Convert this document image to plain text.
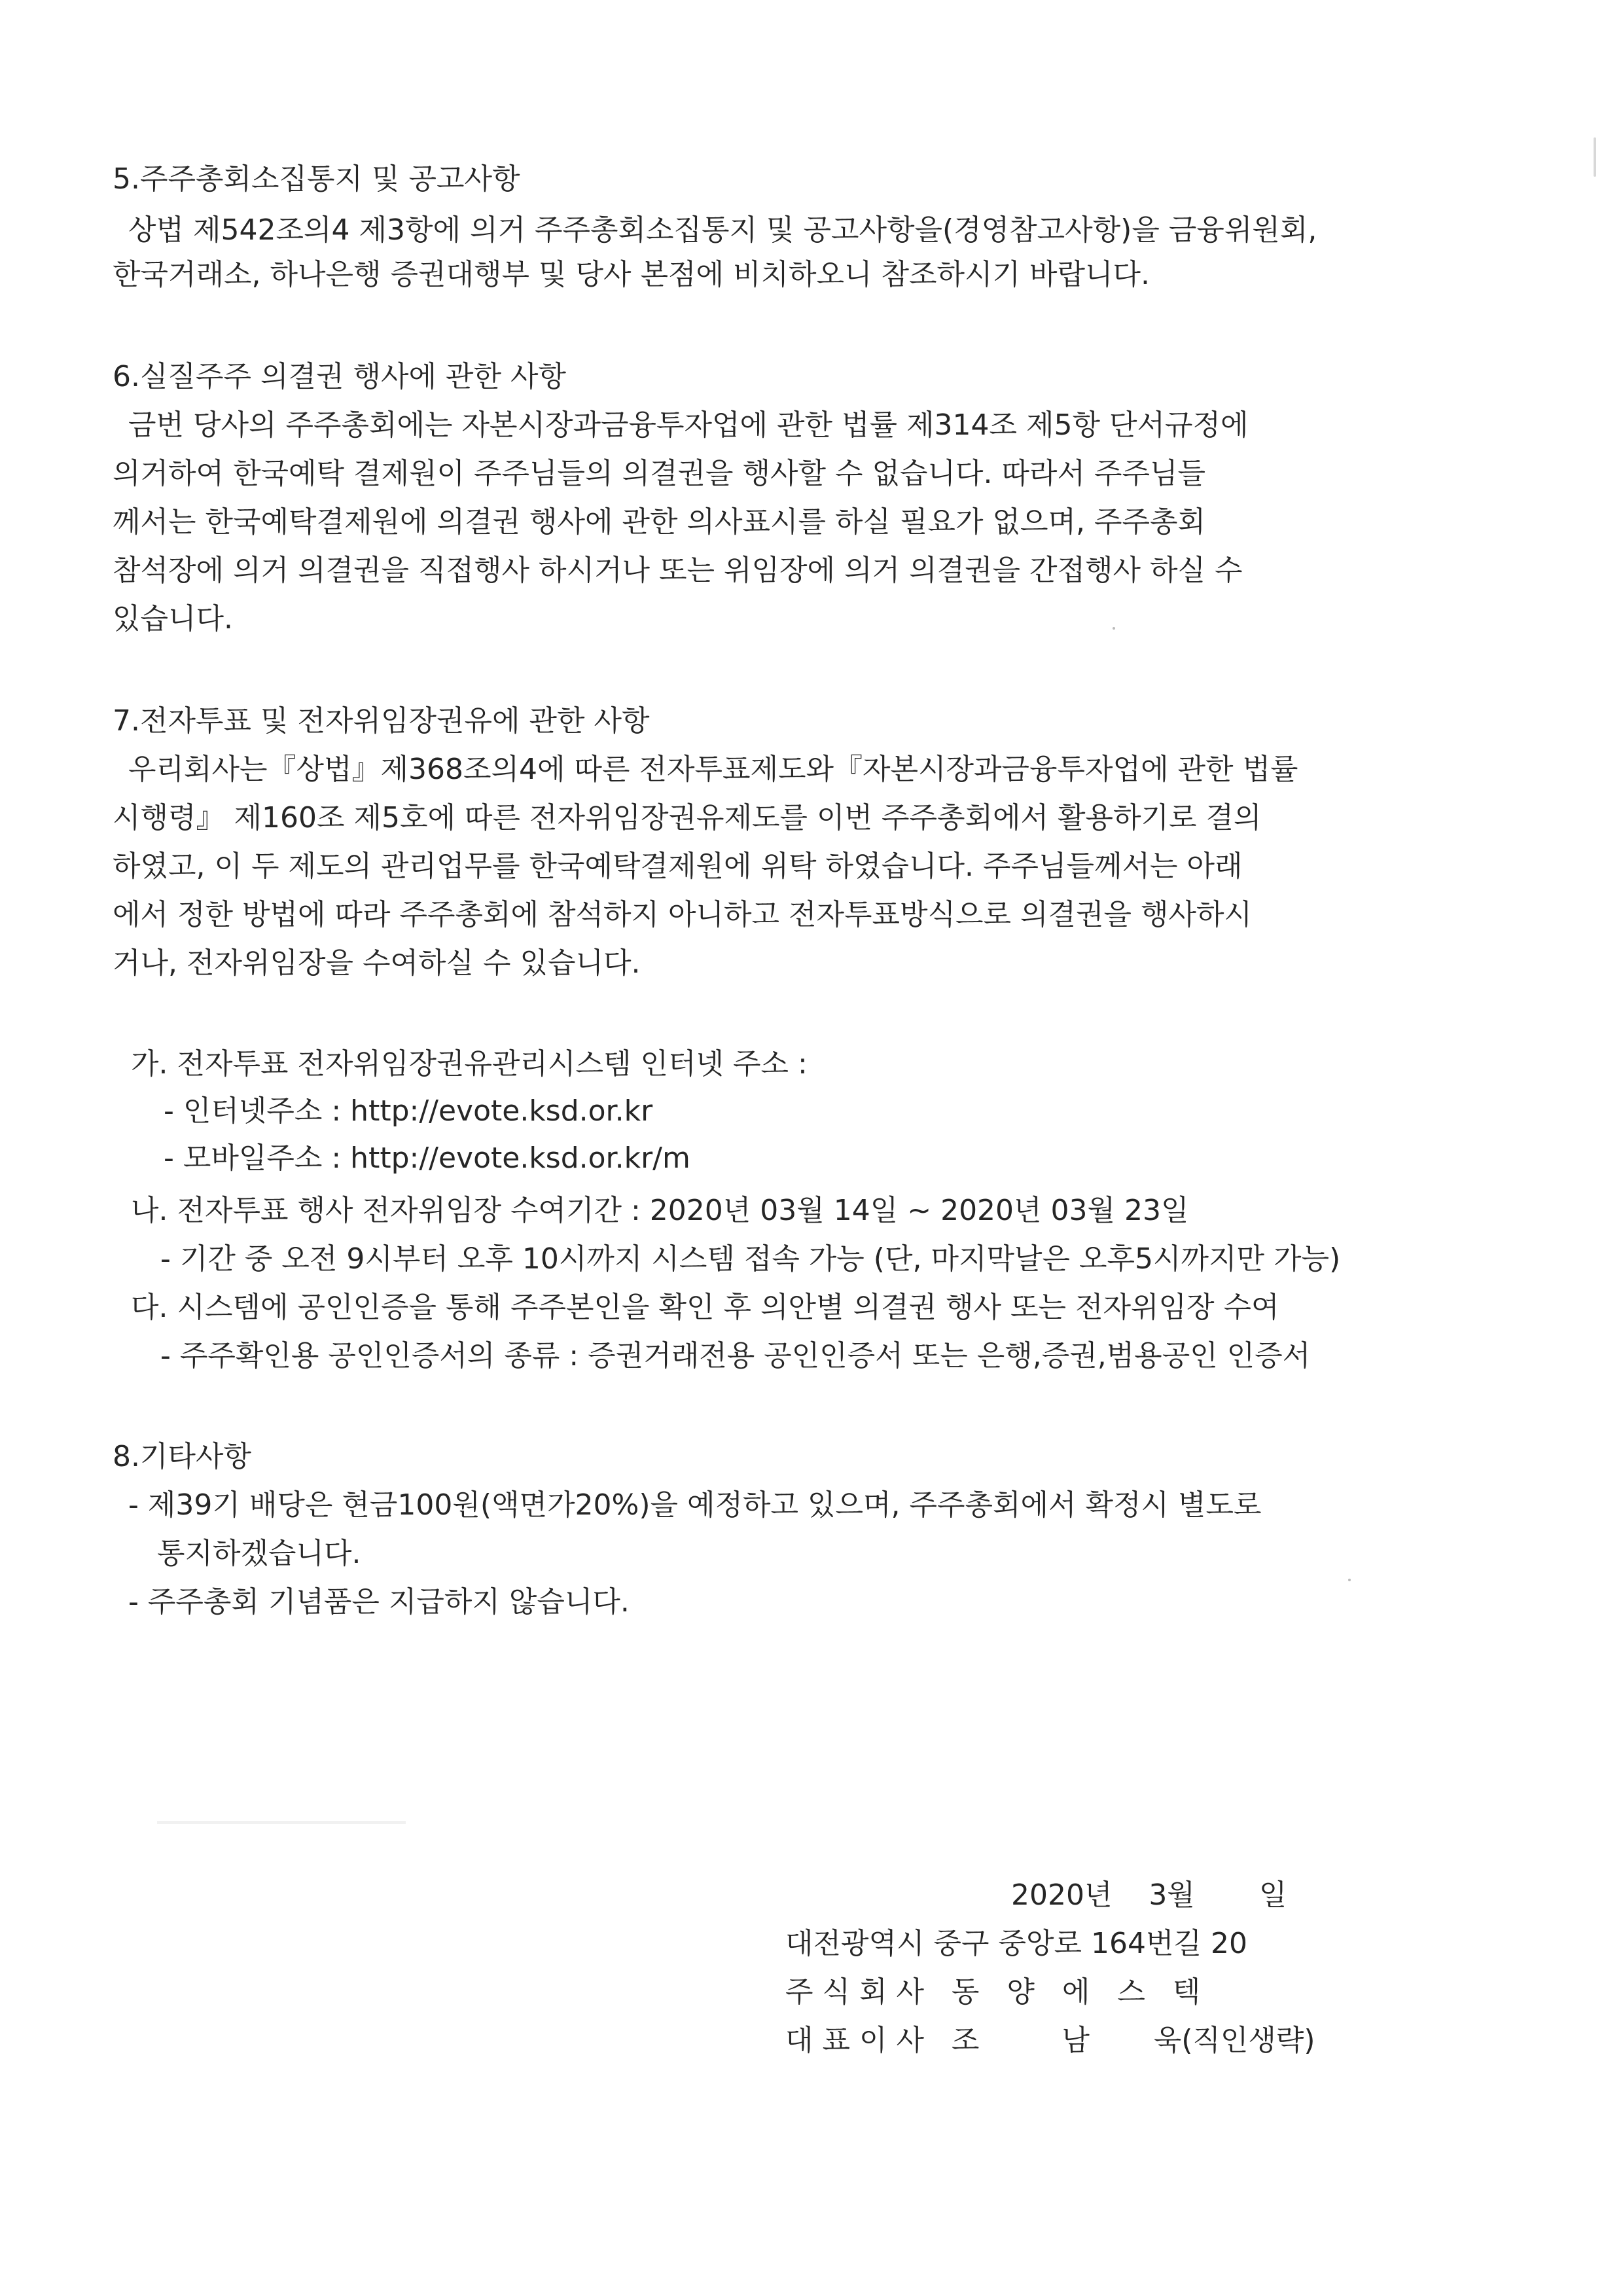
5.주주총회소집통지 및 공고사항
상법 제542조의4 제3항에 의거 주주총회소집통지 및 공고사항을(경영참고사항)을 금융위원회,
한국거래소, 하나은행 증권대행부 및 당사 본점에 비치하오니 참조하시기 바랍니다.
6.실질주주 의결권 행사에 관한 사항
금번 당사의 주주총회에는 자본시장과금융투자업에 관한 법률 제314조 제5항 단서규정에
의거하여 한국예탁 결제원이 주주님들의 의결권을 행사할 수 없습니다. 따라서 주주님들
께서는 한국예탁결제원에 의결권 행사에 관한 의사표시를 하실 필요가 없으며, 주주총회
참석장에 의거 의결권을 직접행사 하시거나 또는 위임장에 의거 의결권을 간접행사 하실 수
있습니다.
7.전자투표 및 전자위임장권유에 관한 사항
우리회사는『상법』제368조의4에 따른 전자투표제도와『자본시장과금융투자업에 관한 법률
시행령』 제160조 제5호에 따른 전자위임장권유제도를 이번 주주총회에서 활용하기로 결의
하였고, 이 두 제도의 관리업무를 한국예탁결제원에 위탁 하였습니다. 주주님들께서는 아래
에서 정한 방법에 따라 주주총회에 참석하지 아니하고 전자투표방식으로 의결권을 행사하시
거나, 전자위임장을 수여하실 수 있습니다.
가. 전자투표 전자위임장권유관리시스템 인터넷 주소 :
- 인터넷주소 : http://evote.ksd.or.kr
- 모바일주소 : http://evote.ksd.or.kr/m
나. 전자투표 행사 전자위임장 수여기간 : 2020년 03월 14일 ~ 2020년 03월 23일
- 기간 중 오전 9시부터 오후 10시까지 시스템 접속 가능 (단, 마지막날은 오후5시까지만 가능)
다. 시스템에 공인인증을 통해 주주본인을 확인 후 의안별 의결권 행사 또는 전자위임장 수여
- 주주확인용 공인인증서의 종류 : 증권거래전용 공인인증서 또는 은행,증권,범용공인 인증서
8.기타사항
- 제39기 배당은 현금100원(액면가20%)을 예정하고 있으며, 주주총회에서 확정시 별도로
통지하겠습니다.
- 주주총회 기념품은 지급하지 않습니다.
2020년    3월       일
대전광역시 중구 중앙로 164번길 20
주 식 회 사   동   양   에   스   텍
대 표 이 사   조         남       욱(직인생략)
